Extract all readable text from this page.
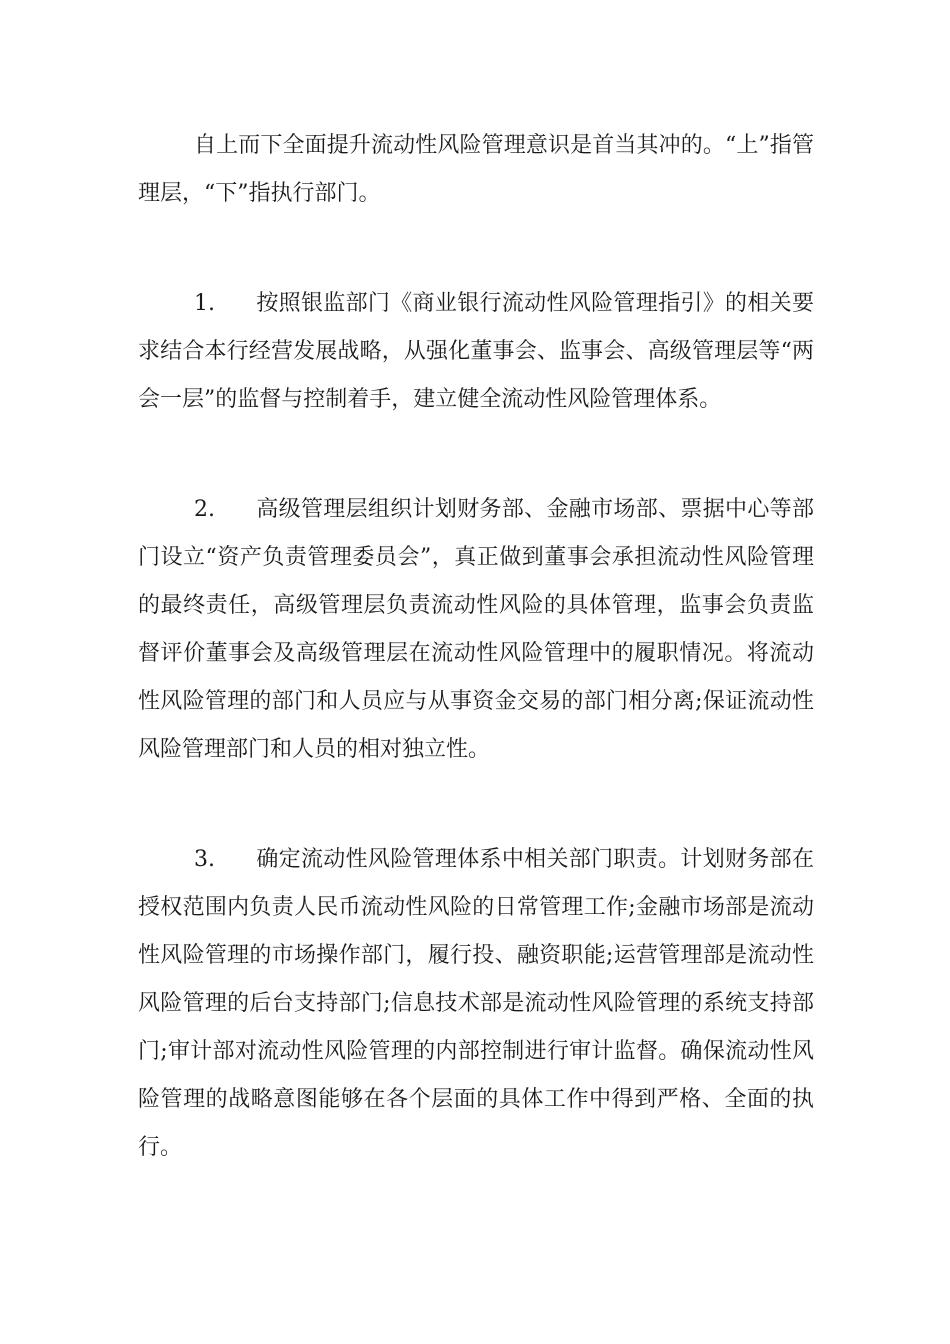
自上而下全面提升流动性风险管理意识是首当其冲的。“上”指管理层，“下”指执行部门。

1. 按照银监部门《商业银行流动性风险管理指引》的相关要求结合本行经营发展战略，从强化董事会、监事会、高级管理层等“两会一层”的监督与控制着手，建立健全流动性风险管理体系。

2. 高级管理层组织计划财务部、金融市场部、票据中心等部门设立“资产负责管理委员会”，真正做到董事会承担流动性风险管理的最终责任，高级管理层负责流动性风险的具体管理，监事会负责监督评价董事会及高级管理层在流动性风险管理中的履职情况。将流动性风险管理的部门和人员应与从事资金交易的部门相分离;保证流动性风险管理部门和人员的相对独立性。

3. 确定流动性风险管理体系中相关部门职责。计划财务部在授权范围内负责人民币流动性风险的日常管理工作;金融市场部是流动性风险管理的市场操作部门，履行投、融资职能;运营管理部是流动性风险管理的后台支持部门;信息技术部是流动性风险管理的系统支持部门;审计部对流动性风险管理的内部控制进行审计监督。确保流动性风险管理的战略意图能够在各个层面的具体工作中得到严格、全面的执行。
